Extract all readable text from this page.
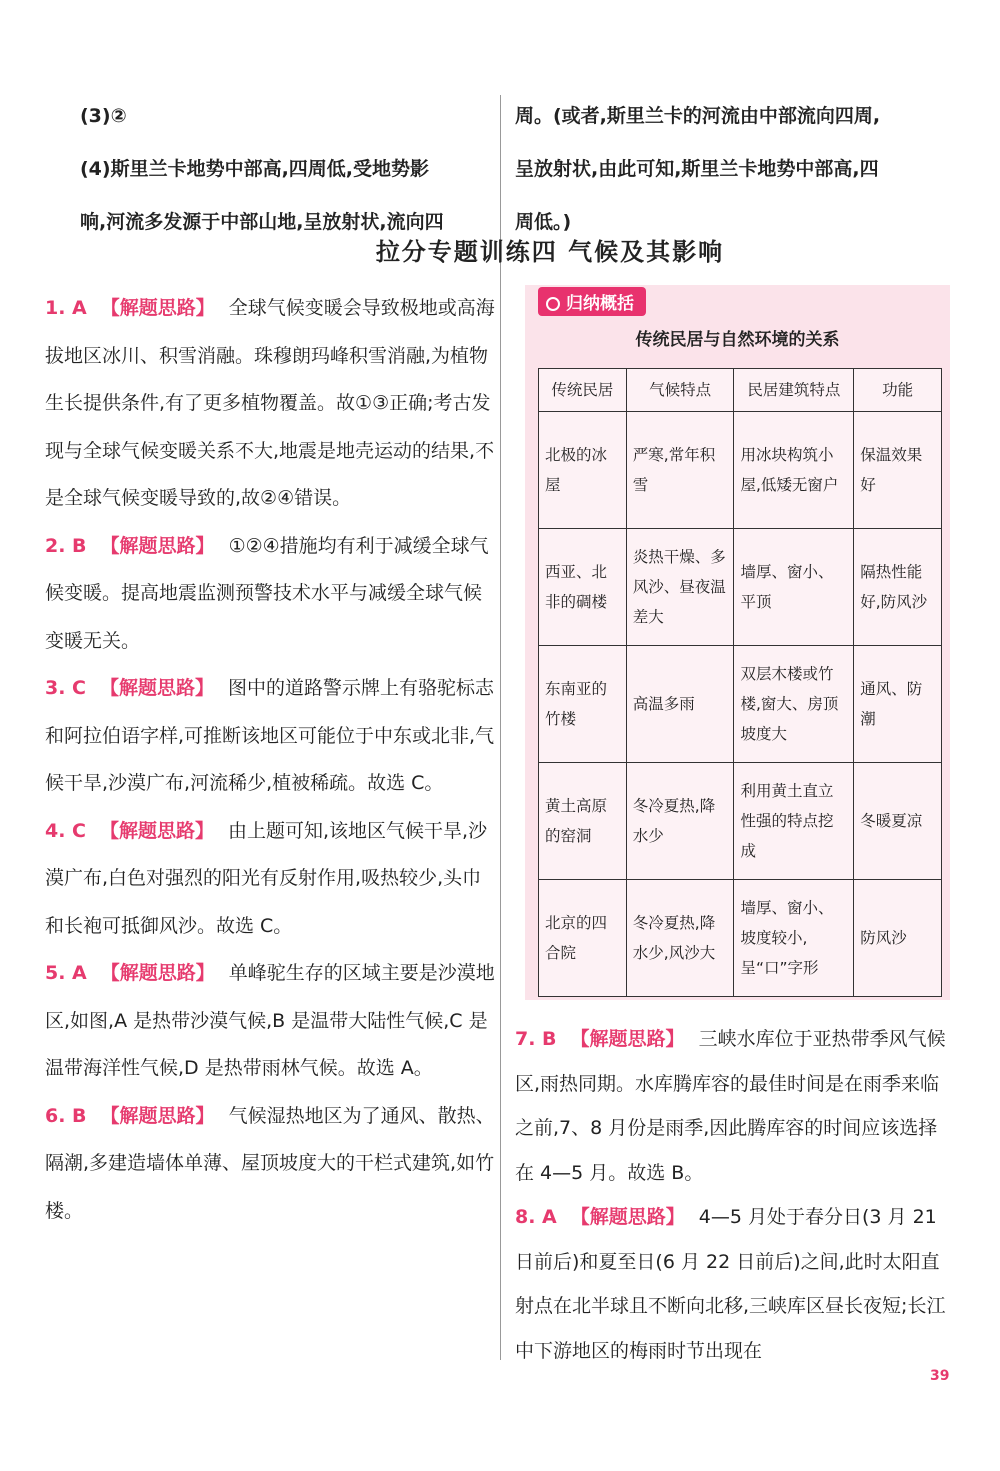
(3)②
(4)斯里兰卡地势中部高,四周低,受地势影
响,河流多发源于中部山地,呈放射状,流向四
周。(或者,斯里兰卡的河流由中部流向四周,
呈放射状,由此可知,斯里兰卡地势中部高,四
周低。)
拉分专题训练四 气候及其影响

1. A 【解题思路】 全球气候变暖会导致极地或高海拔地区冰川、积雪消融。珠穆朗玛峰积雪消融,为植物生长提供条件,有了更多植物覆盖。故①③正确;考古发现与全球气候变暖关系不大,地震是地壳运动的结果,不是全球气候变暖导致的,故②④错误。

2. B 【解题思路】 ①②④措施均有利于减缓全球气候变暖。提高地震监测预警技术水平与减缓全球气候变暖无关。

3. C 【解题思路】 图中的道路警示牌上有骆驼标志和阿拉伯语字样,可推断该地区可能位于中东或北非,气候干旱,沙漠广布,河流稀少,植被稀疏。故选 C。

4. C 【解题思路】 由上题可知,该地区气候干旱,沙漠广布,白色对强烈的阳光有反射作用,吸热较少,头巾和长袍可抵御风沙。故选 C。

5. A 【解题思路】 单峰驼生存的区域主要是沙漠地区,如图,A 是热带沙漠气候,B 是温带大陆性气候,C 是温带海洋性气候,D 是热带雨林气候。故选 A。

6. B 【解题思路】 气候湿热地区为了通风、散热、隔潮,多建造墙体单薄、屋顶坡度大的干栏式建筑,如竹楼。

归纳概括
传统民居与自然环境的关系
传统民居	气候特点	民居建筑特点	功能
北极的冰屋	严寒,常年积雪	用冰块构筑小屋,低矮无窗户	保温效果好
西亚、北非的碉楼	炎热干燥、多风沙、昼夜温差大	墙厚、窗小、平顶	隔热性能好,防风沙
东南亚的竹楼	高温多雨	双层木楼或竹楼,窗大、房顶坡度大	通风、防潮
黄土高原的窑洞	冬冷夏热,降水少	利用黄土直立性强的特点挖成	冬暖夏凉
北京的四合院	冬冷夏热,降水少,风沙大	墙厚、窗小、坡度较小,呈“口”字形	防风沙

7. B 【解题思路】 三峡水库位于亚热带季风气候区,雨热同期。水库腾库容的最佳时间是在雨季来临之前,7、8 月份是雨季,因此腾库容的时间应该选择在 4—5 月。故选 B。

8. A 【解题思路】 4—5 月处于春分日(3 月 21 日前后)和夏至日(6 月 22 日前后)之间,此时太阳直射点在北半球且不断向北移,三峡库区昼长夜短;长江中下游地区的梅雨时节出现在

39
